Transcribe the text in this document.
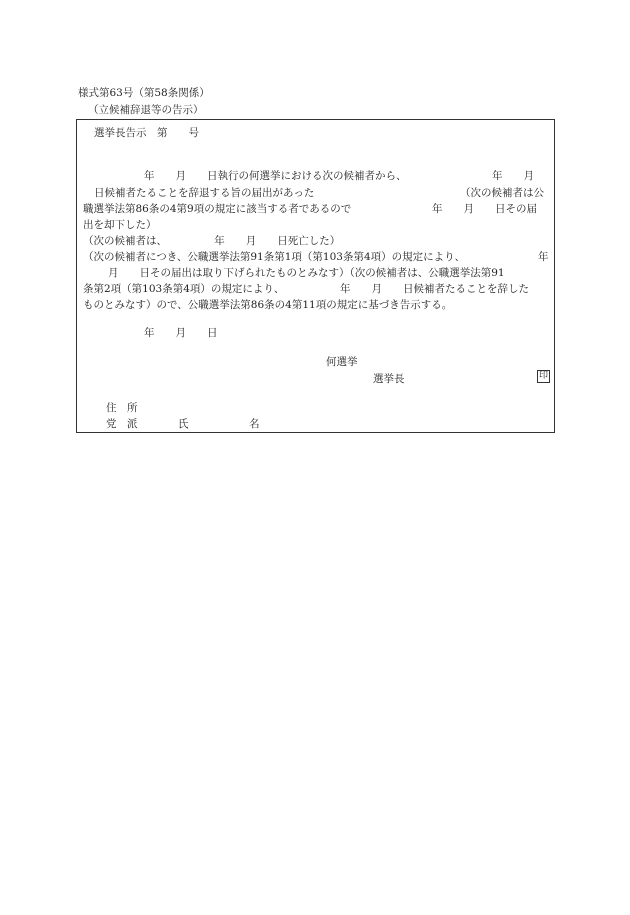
様式第63号（第58条関係）
（立候補辞退等の告示）
選挙長告示　第　　号
年　　月　　日執行の何選挙における次の候補者から、	年　　月
日候補者たることを辞退する旨の届出があった	（次の候補者は公
職選挙法第86条の4第9項の規定に該当する者であるので	年　　月　　日その届
出を却下した）
（次の候補者は、　　　　　年　　月　　日死亡した）
（次の候補者につき、公職選挙法第91条第1項（第103条第4項）の規定により、	年
月　　日その届出は取り下げられたものとみなす）（次の候補者は、公職選挙法第91
条第2項（第103条第4項）の規定により、	年　　月　　日候補者たることを辞した
ものとみなす）ので、公職選挙法第86条の4第11項の規定に基づき告示する。
年　　月　　日
何選挙
選挙長	印
住　所
党　派	氏	名
